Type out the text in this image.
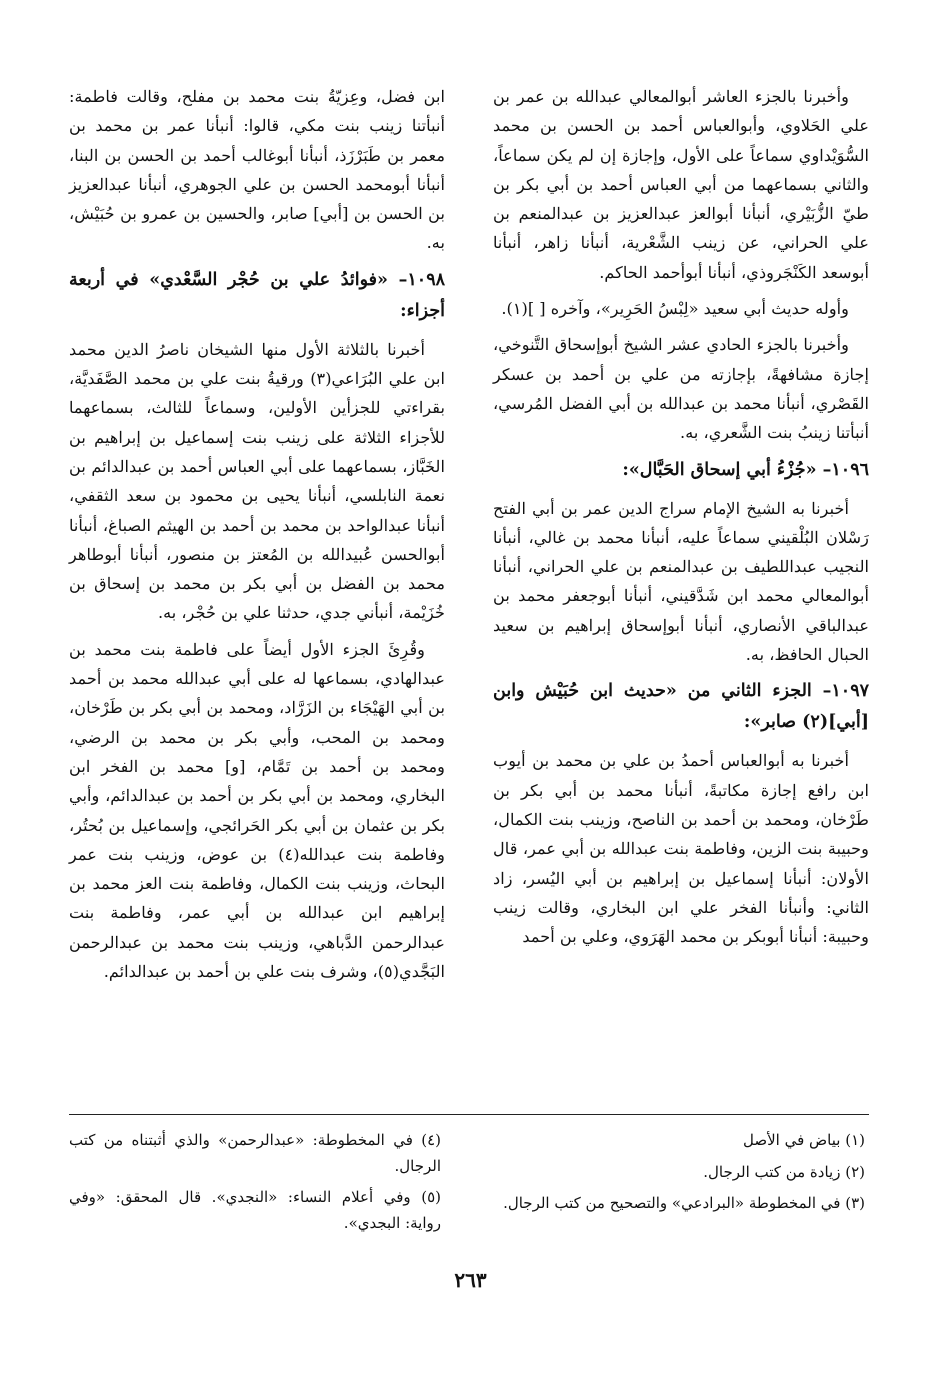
وأخبرنا بالجزء العاشر أبوالمعالي عبدالله بن عمر بن علي الحَلاوي، وأبوالعباس أحمد بن الحسن بن محمد السُّوَيْداوي سماعاً على الأول، وإجازة إن لم يكن سماعاً، والثاني بسماعهما من أبي العباس أحمد بن أبي بكر بن طيّ الزُّبَيْري، أنبأنا أبوالعز عبدالعزيز بن عبدالمنعم بن علي الحراني، عن زينب الشَّعْرية، أنبأنا زاهر، أنبأنا أبوسعد الكَنْجَروذي، أنبأنا أبوأحمد الحاكم.

وأوله حديث أبي سعيد «لِبْسُ الحَرِير»، وآخره [ ](١).

وأخبرنا بالجزء الحادي عشر الشيخ أبوإسحاق التَّنوخي، إجازة مشافهةً، بإجازته من علي بن أحمد بن عسكر القَصْري، أنبأنا محمد بن عبدالله بن أبي الفضل المُرسي، أنبأتنا زينبُ بنت الشَّعري، به.

١٠٩٦– «جُزْءُ أبي إسحاق الحَبَّال»:

أخبرنا به الشيخ الإمام سراج الدين عمر بن أبي الفتح رَسْلان البُلْقيني سماعاً عليه، أنبأنا محمد بن غالي، أنبأنا النجيب عبداللطيف بن عبدالمنعم بن علي الحراني، أنبأنا أبوالمعالي محمد ابن شَدَّقيني، أنبأنا أبوجعفر محمد بن عبدالباقي الأنصاري، أنبأنا أبوإسحاق إبراهيم بن سعيد الحبال الحافظ، به.

١٠٩٧– الجزء الثاني من «حديث ابن حُبَيْش وابن [أبي](٢) صابر»:

أخبرنا به أبوالعباس أحمدُ بن علي بن محمد بن أيوب ابن رافع إجازة مكاتبةً، أنبأنا محمد بن أبي بكر بن طَرْخان، ومحمد بن أحمد بن الناصح، وزينب بنت الكمال، وحبيبة بنت الزين، وفاطمة بنت عبدالله بن أبي عمر، قال الأولان: أنبأنا إسماعيل بن إبراهيم بن أبي اليُسر، زاد الثاني: وأنبأنا الفخر علي ابن البخاري، وقالت زينب وحبيبة: أنبأنا أبوبكر بن محمد الهَرَوي، وعلي بن أحمد

ابن فضل، وعِزيّةُ بنت محمد بن مفلح، وقالت فاطمة: أنبأتنا زينب بنت مكي، قالوا: أنبأنا عمر بن محمد بن معمر بن طَبَرْزَذ، أنبأنا أبوغالب أحمد بن الحسن بن البنا، أنبأنا أبومحمد الحسن بن علي الجوهري، أنبأنا عبدالعزيز بن الحسن بن [أبي] صابر، والحسين بن عمرو بن حُبَيْش، به.

١٠٩٨– «فوائدُ علي بن حُجْر السَّعْدي» في أربعة أجزاء:

أخبرنا بالثلاثة الأول منها الشيخان ناصرُ الدين محمد ابن علي البُرَاعي(٣) ورقيةُ بنت علي بن محمد الصَّفَديَّة، بقراءتي للجزأين الأولين، وسماعاً للثالث، بسماعهما للأجزاء الثلاثة على زينب بنت إسماعيل بن إبراهيم بن الخَبَّاز، بسماعهما على أبي العباس أحمد بن عبدالدائم بن نعمة النابلسي، أنبأنا يحيى بن محمود بن سعد الثقفي، أنبأنا عبدالواحد بن محمد بن أحمد بن الهيثم الصباغ، أنبأنا أبوالحسن عُبيدالله بن المُعتز بن منصور، أنبأنا أبوطاهر محمد بن الفضل بن أبي بكر بن محمد بن إسحاق بن خُزَيْمة، أنبأني جدي، حدثنا علي بن حُجْر، به.

وقُرِئَ الجزء الأول أيضاً على فاطمة بنت محمد بن عبدالهادي، بسماعها له على أبي عبدالله محمد بن أحمد بن أبي الهَيْجَاء بن الزَرَّاد، ومحمد بن أبي بكر بن طَرْخان، ومحمد بن المحب، وأبي بكر بن محمد بن الرضي، ومحمد بن أحمد بن تَمَّام، [و] محمد بن الفخر ابن البخاري، ومحمد بن أبي بكر بن أحمد بن عبدالدائم، وأبي بكر بن عثمان بن أبي بكر الحَرائجي، وإسماعيل بن بُحتُر، وفاطمة بنت عبدالله(٤) بن عوض، وزينب بنت عمر البحاث، وزينب بنت الكمال، وفاطمة بنت العز محمد بن إبراهيم ابن عبدالله بن أبي عمر، وفاطمة بنت عبدالرحمن الدَّباهي، وزينب بنت محمد بن عبدالرحمن البَجَّدي(٥)، وشرف بنت علي بن أحمد بن عبدالدائم.

(١) بياض في الأصل

(٢) زيادة من كتب الرجال.

(٣) في المخطوطة «البرادعي» والتصحيح من كتب الرجال.

(٤) في المخطوطة: «عبدالرحمن» والذي أثبتناه من كتب الرجال.

(٥) وفي أعلام النساء: «النجدي». قال المحقق: «وفي رواية: البجدي».

٢٦٣
